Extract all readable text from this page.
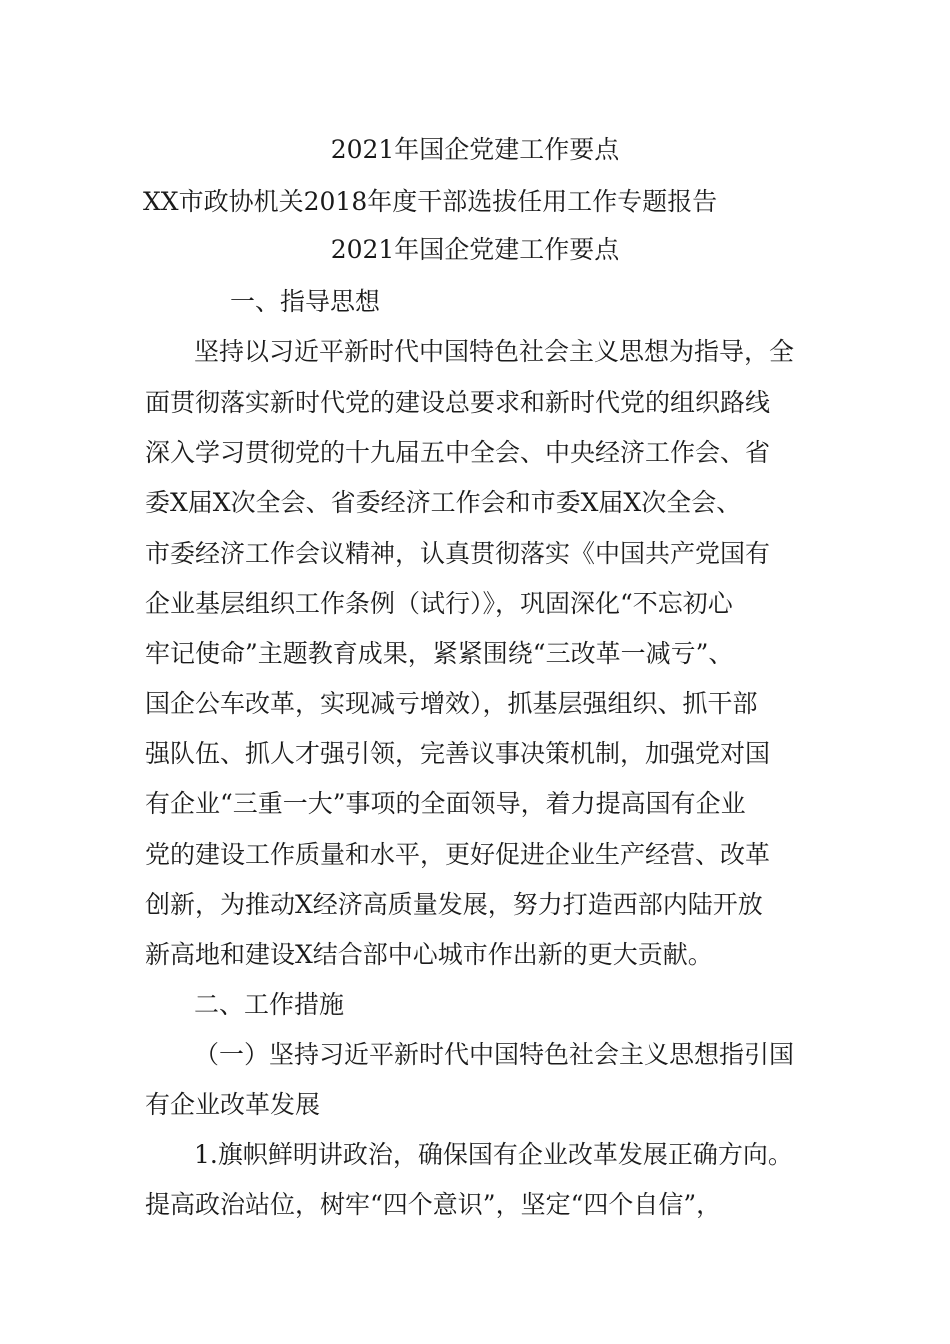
2021年国企党建工作要点
XX市政协机关2018年度干部选拔任用工作专题报告
2021年国企党建工作要点
一、指导思想
坚持以习近平新时代中国特色社会主义思想为指导，全
面贯彻落实新时代党的建设总要求和新时代党的组织路线
深入学习贯彻党的十九届五中全会、中央经济工作会、省
委X届X次全会、省委经济工作会和市委X届X次全会、
市委经济工作会议精神，认真贯彻落实《中国共产党国有
企业基层组织工作条例（试行）》，巩固深化“不忘初心
牢记使命”主题教育成果，紧紧围绕“三改革一减亏”、
国企公车改革，实现减亏增效），抓基层强组织、抓干部
强队伍、抓人才强引领，完善议事决策机制，加强党对国
有企业“三重一大”事项的全面领导，着力提高国有企业
党的建设工作质量和水平，更好促进企业生产经营、改革
创新，为推动X经济高质量发展，努力打造西部内陆开放
新高地和建设X结合部中心城市作出新的更大贡献。
二、工作措施
（一）坚持习近平新时代中国特色社会主义思想指引国
有企业改革发展
1.旗帜鲜明讲政治，确保国有企业改革发展正确方向。
提高政治站位，树牢“四个意识”，坚定“四个自信”，
